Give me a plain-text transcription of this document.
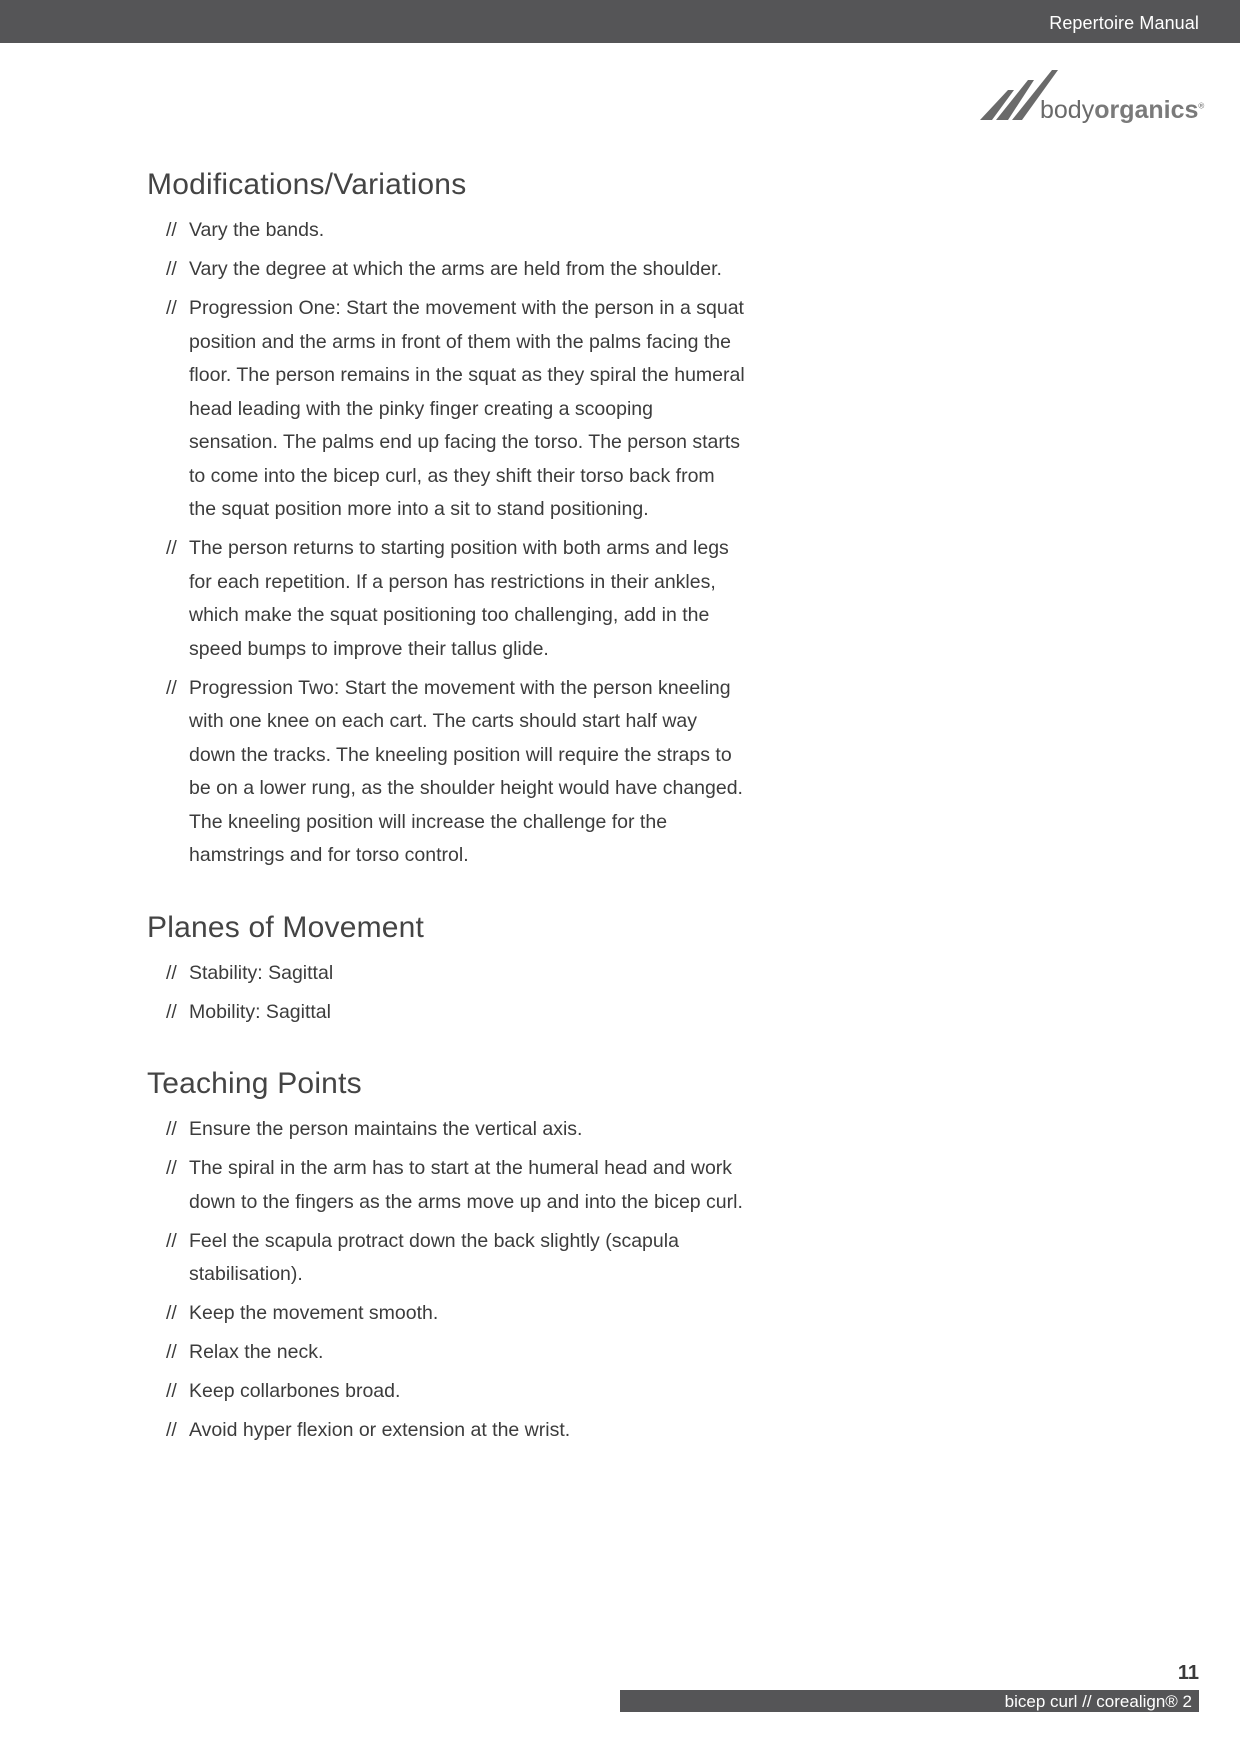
Repertoire Manual
bodyorganics®
Modifications/Variations
// Vary the bands.
// Vary the degree at which the arms are held from the shoulder.
// Progression One: Start the movement with the person in a squat position and the arms in front of them with the palms facing the floor. The person remains in the squat as they spiral the humeral head leading with the pinky finger creating a scooping sensation. The palms end up facing the torso. The person starts to come into the bicep curl, as they shift their torso back from the squat position more into a sit to stand positioning.
// The person returns to starting position with both arms and legs for each repetition. If a person has restrictions in their ankles, which make the squat positioning too challenging, add in the speed bumps to improve their tallus glide.
// Progression Two: Start the movement with the person kneeling with one knee on each cart. The carts should start half way down the tracks. The kneeling position will require the straps to be on a lower rung, as the shoulder height would have changed. The kneeling position will increase the challenge for the hamstrings and for torso control.
Planes of Movement
// Stability: Sagittal
// Mobility: Sagittal
Teaching Points
// Ensure the person maintains the vertical axis.
// The spiral in the arm has to start at the humeral head and work down to the fingers as the arms move up and into the bicep curl.
// Feel the scapula protract down the back slightly (scapula stabilisation).
// Keep the movement smooth.
// Relax the neck.
// Keep collarbones broad.
// Avoid hyper flexion or extension at the wrist.
11
bicep curl // corealign® 2
